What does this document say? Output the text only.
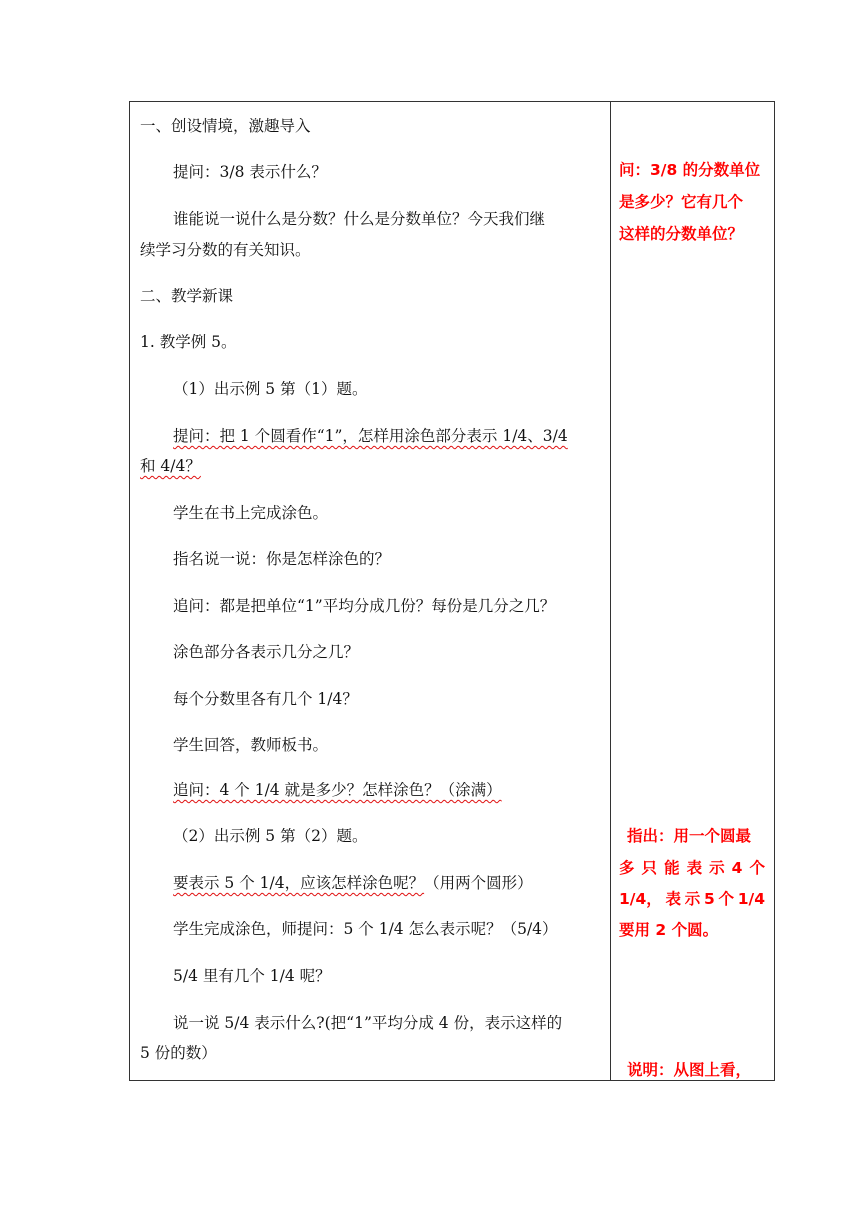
一、创设情境，激趣导入
提问：3/8 表示什么？
谁能说一说什么是分数？什么是分数单位？今天我们继
续学习分数的有关知识。
二、教学新课
1. 教学例 5。
（1）出示例 5 第（1）题。
提问：把 1 个圆看作“1”，怎样用涂色部分表示 1/4、3/4
和 4/4？
学生在书上完成涂色。
指名说一说：你是怎样涂色的？
追问：都是把单位“1”平均分成几份？每份是几分之几？
涂色部分各表示几分之几？
每个分数里各有几个 1/4？
学生回答，教师板书。
追问：4 个 1/4 就是多少？怎样涂色？（涂满）
（2）出示例 5 第（2）题。
要表示 5 个 1/4，应该怎样涂色呢？（用两个圆形）
学生完成涂色，师提问：5 个 1/4 怎么表示呢？（5/4）
5/4 里有几个 1/4 呢？
说一说 5/4 表示什么?(把“1”平均分成 4 份，表示这样的
5 份的数）
问：3/8 的分数单位
是多少？它有几个
这样的分数单位？
指出：用一个圆最
多 只 能 表 示 4 个
1/4， 表 示 5 个 1/4
要用 2 个圆。
说明：从图上看，
